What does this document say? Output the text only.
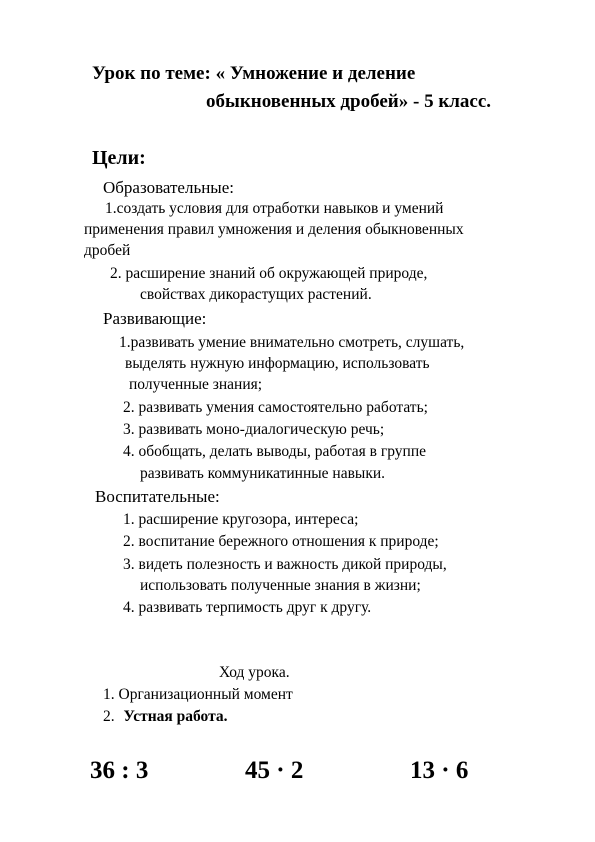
Урок по теме: « Умножение и деление
обыкновенных дробей» - 5 класс.
Цели:
Образовательные:
1.создать условия для отработки навыков и умений
применения правил умножения и деления обыкновенных
дробей
2. расширение знаний об окружающей природе,
свойствах дикорастущих растений.
Развивающие:
1.развивать умение внимательно смотреть, слушать,
выделять нужную информацию, использовать
полученные знания;
2. развивать умения самостоятельно работать;
3. развивать моно-диалогическую речь;
4. обобщать, делать выводы, работая в группе
развивать коммуникатинные навыки.
Воспитательные:
1. расширение кругозора, интереса;
2. воспитание бережного отношения к природе;
3. видеть полезность и важность дикой природы,
использовать полученные знания в жизни;
4. развивать терпимость друг к другу.
Ход урока.
1. Организационный момент
2. Устная работа.
36 : 3	45 · 2	13 · 6
